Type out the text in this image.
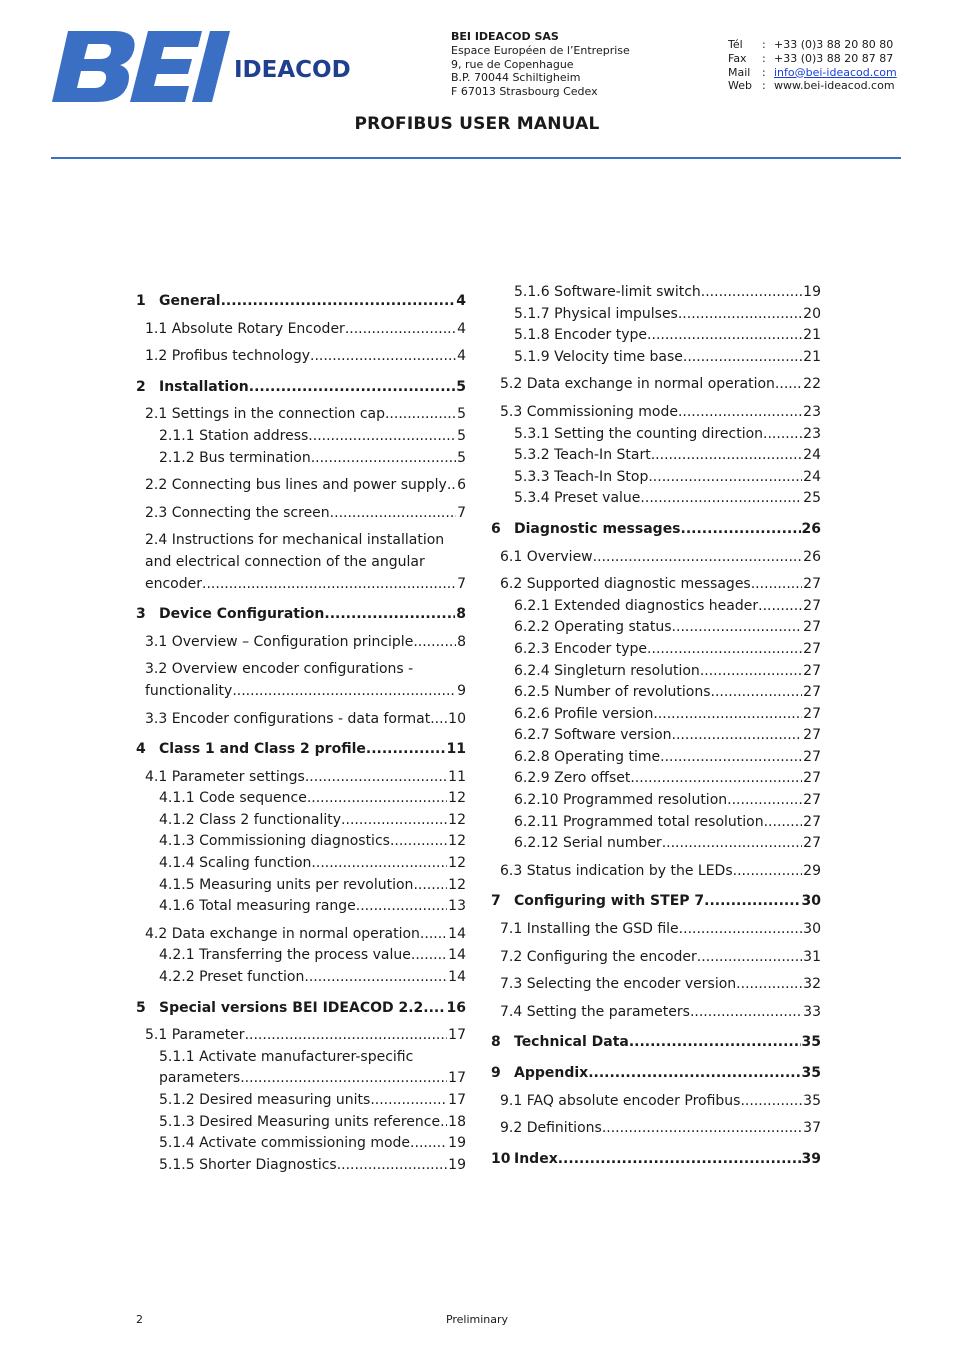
IDEACOD
BEI IDEACOD SAS
Espace Européen de l’Entreprise
9, rue de Copenhague
B.P. 70044 Schiltigheim
F 67013 Strasbourg Cedex
Tél	: +33 (0)3 88 20 80 80
Fax	: +33 (0)3 88 20 87 87
Mail	: info@bei-ideacod.com
Web : www.bei-ideacod.com
PROFIBUS USER MANUAL
1 General .....	4
1.1 Absolute Rotary Encoder .....	4
1.2 Profibus technology .....	4
2 Installation .....	5
2.1 Settings in the connection cap .....	5
2.1.1 Station address .....	5
2.1.2 Bus termination .....	5
2.2 Connecting bus lines and power supply ..... 6
2.3 Connecting the screen .....	7
2.4 Instructions for mechanical installation
and electrical connection of the angular
encoder .....	7
3 Device Configuration .....	8
3.1 Overview – Configuration principle .....	8
3.2 Overview encoder configurations -
functionality .....	9
3.3 Encoder configurations - data format ..... 10
4 Class 1 and Class 2 profile .....	11
4.1 Parameter settings .....	11
4.1.1 Code sequence .....	12
4.1.2 Class 2 functionality .....	12
4.1.3 Commissioning diagnostics .....	12
4.1.4 Scaling function .....	12
4.1.5 Measuring units per revolution ..... 12
4.1.6 Total measuring range .....	13
4.2 Data exchange in normal operation ..... 14
4.2.1 Transferring the process value .....	14
4.2.2 Preset function .....	14
5 Special versions BEI IDEACOD 2.2 ..... 16
5.1 Parameter .....	17
5.1.1 Activate manufacturer-specific
parameters .....	17
5.1.2 Desired measuring units .....	17
5.1.3 Desired Measuring units reference ..... 18
5.1.4 Activate commissioning mode .....	19
5.1.5 Shorter Diagnostics .....	19
5.1.6 Software-limit switch .....	19
5.1.7 Physical impulses .....	20
5.1.8 Encoder type .....	21
5.1.9 Velocity time base .....	21
5.2 Data exchange in normal operation ..... 22
5.3 Commissioning mode .....	23
5.3.1 Setting the counting direction .....	23
5.3.2 Teach-In Start .....	24
5.3.3 Teach-In Stop .....	24
5.3.4 Preset value .....	25
6 Diagnostic messages .....	26
6.1 Overview .....	26
6.2 Supported diagnostic messages .....	27
6.2.1 Extended diagnostics header .....	27
6.2.2 Operating status .....	27
6.2.3 Encoder type .....	27
6.2.4 Singleturn resolution .....	27
6.2.5 Number of revolutions .....	27
6.2.6 Profile version .....	27
6.2.7 Software version .....	27
6.2.8 Operating time .....	27
6.2.9 Zero offset .....	27
6.2.10 Programmed resolution .....	27
6.2.11 Programmed total resolution .....	27
6.2.12 Serial number .....	27
6.3 Status indication by the LEDs .....	29
7 Configuring with STEP 7 .....	30
7.1 Installing the GSD file .....	30
7.2 Configuring the encoder .....	31
7.3 Selecting the encoder version .....	32
7.4 Setting the parameters .....	33
8 Technical Data .....	35
9 Appendix .....	35
9.1 FAQ absolute encoder Profibus .....	35
9.2 Definitions .....	37
10 Index .....	39
2	Preliminary
